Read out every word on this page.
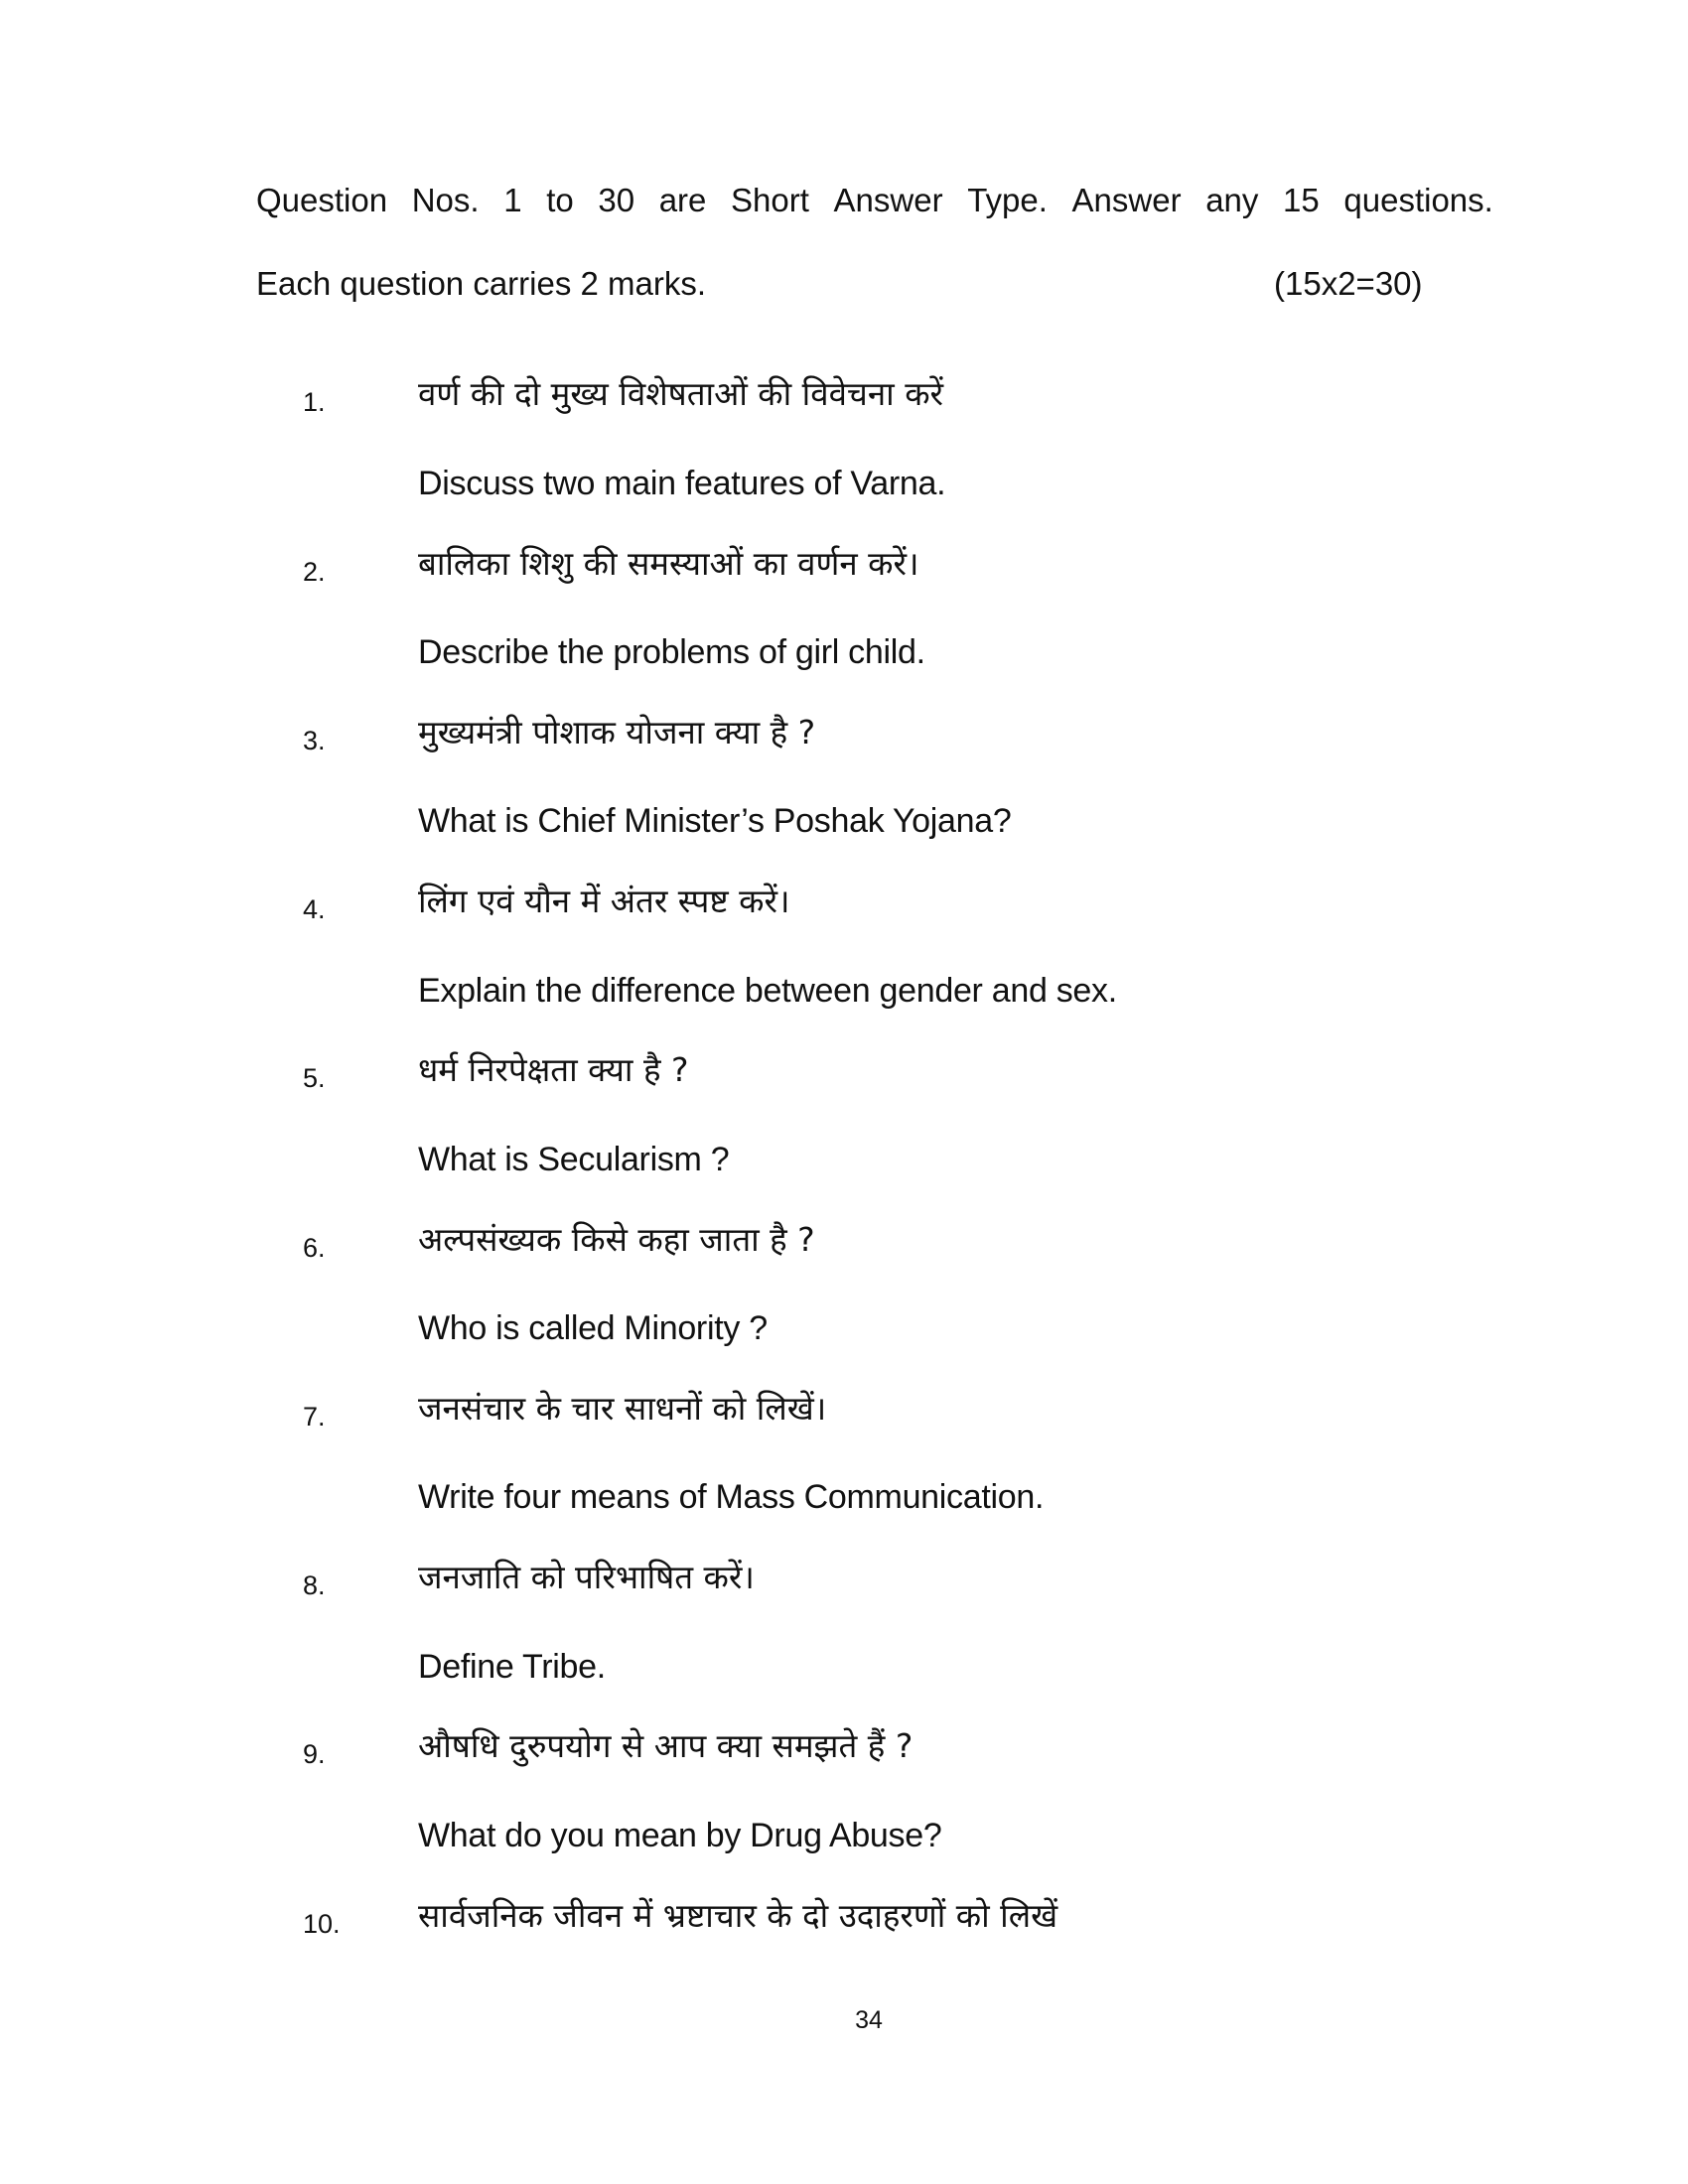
Question Nos. 1 to 30 are Short Answer Type. Answer any 15 questions.
Each question carries 2 marks.	(15x2=30)
1.	वर्ण की दो मुख्य विशेषताओं की विवेचना करें
Discuss two main features of Varna.
2.	बालिका शिशु की समस्याओं का वर्णन करें।
Describe the problems of girl child.
3.	मुख्यमंत्री पोशाक योजना क्या है ?
What is Chief Minister’s Poshak Yojana?
4.	लिंग एवं यौन में अंतर स्पष्ट करें।
Explain the difference between gender and sex.
5.	धर्म निरपेक्षता क्या है ?
What is Secularism ?
6.	अल्पसंख्यक किसे कहा जाता है ?
Who is called Minority ?
7.	जनसंचार के चार साधनों को लिखें।
Write four means of Mass Communication.
8.	जनजाति को परिभाषित करें।
Define Tribe.
9.	औषधि दुरुपयोग से आप क्या समझते हैं ?
What do you mean by Drug Abuse?
10. सार्वजनिक जीवन में भ्रष्टाचार के दो उदाहरणों को लिखें
34
